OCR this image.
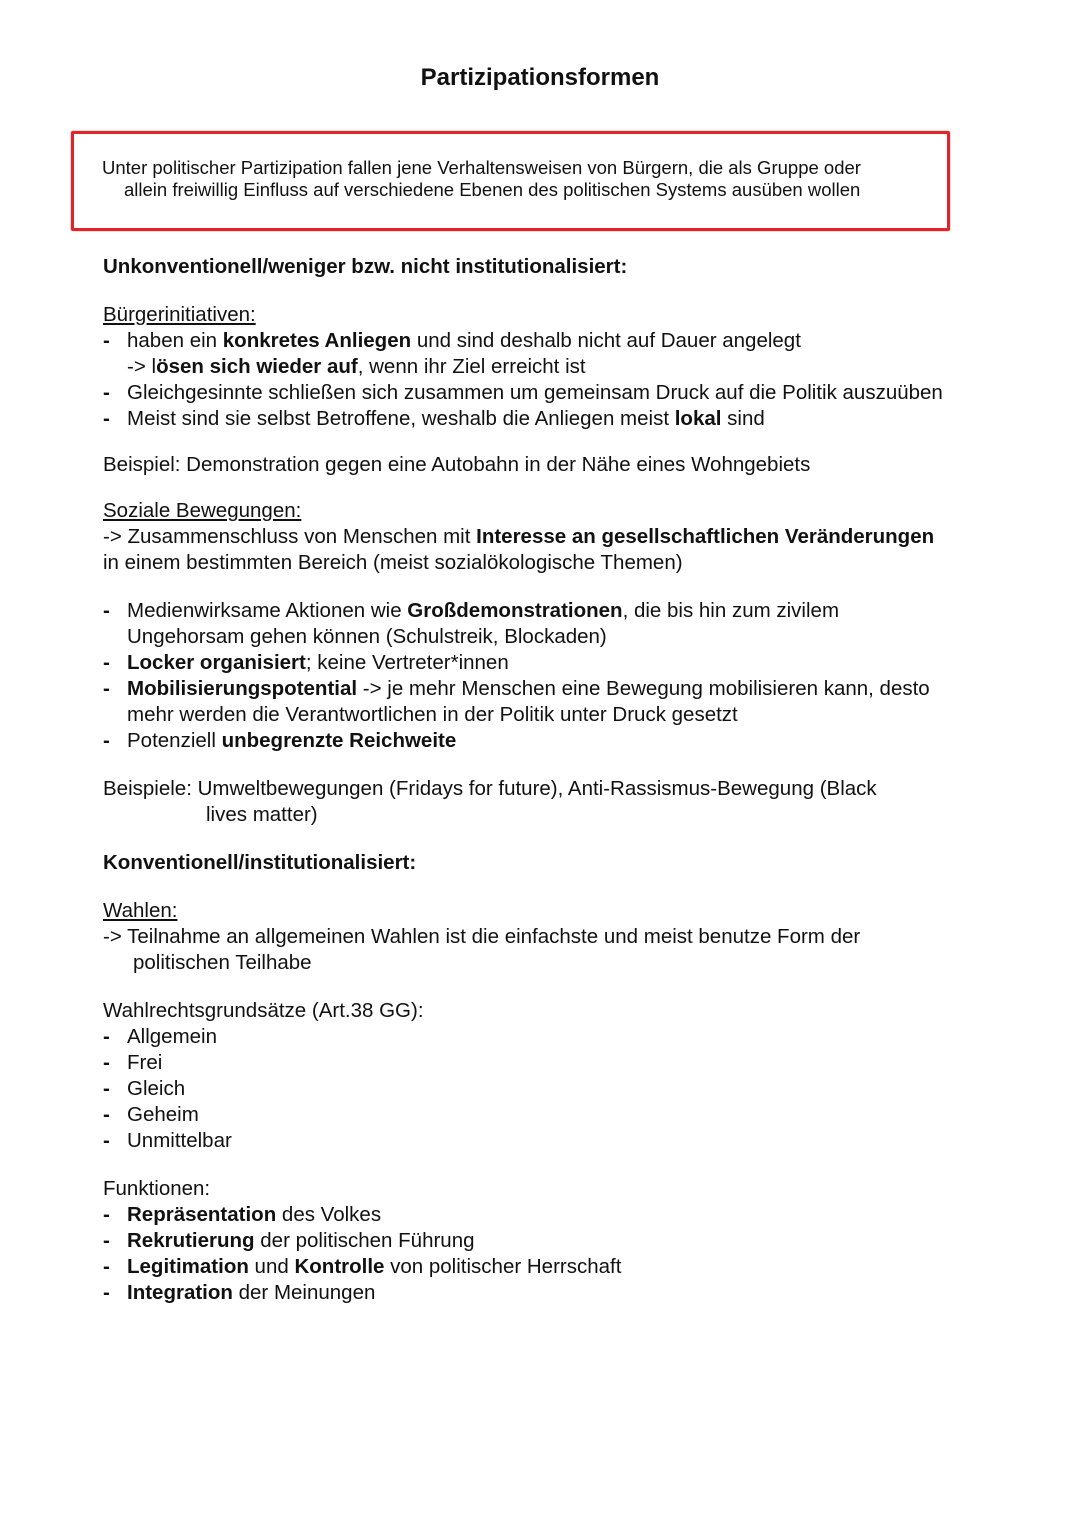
Partizipationsformen
Unter politischer Partizipation fallen jene Verhaltensweisen von Bürgern, die als Gruppe oder
allein freiwillig Einfluss auf verschiedene Ebenen des politischen Systems ausüben wollen

Unkonventionell/weniger bzw. nicht institutionalisiert:

Bürgerinitiativen:

- haben ein konkretes Anliegen und sind deshalb nicht auf Dauer angelegt
-> lösen sich wieder auf, wenn ihr Ziel erreicht ist
- Gleichgesinnte schließen sich zusammen um gemeinsam Druck auf die Politik auszuüben
- Meist sind sie selbst Betroffene, weshalb die Anliegen meist lokal sind

Beispiel: Demonstration gegen eine Autobahn in der Nähe eines Wohngebiets

Soziale Bewegungen:

-> Zusammenschluss von Menschen mit Interesse an gesellschaftlichen Veränderungen in einem bestimmten Bereich (meist sozialökologische Themen)

- Medienwirksame Aktionen wie Großdemonstrationen, die bis hin zum zivilem Ungehorsam gehen können (Schulstreik, Blockaden)
- Locker organisiert; keine Vertreter*innen
- Mobilisierungspotential -> je mehr Menschen eine Bewegung mobilisieren kann, desto mehr werden die Verantwortlichen in der Politik unter Druck gesetzt
- Potenziell unbegrenzte Reichweite

Beispiele: Umweltbewegungen (Fridays for future), Anti-Rassismus-Bewegung (Black
lives matter)

Konventionell/institutionalisiert:

Wahlen:

-> Teilnahme an allgemeinen Wahlen ist die einfachste und meist benutze Form der
politischen Teilhabe

Wahlrechtsgrundsätze (Art.38 GG):

- Allgemein
- Frei
- Gleich
- Geheim
- Unmittelbar

Funktionen:

- Repräsentation des Volkes
- Rekrutierung der politischen Führung
- Legitimation und Kontrolle von politischer Herrschaft
- Integration der Meinungen
